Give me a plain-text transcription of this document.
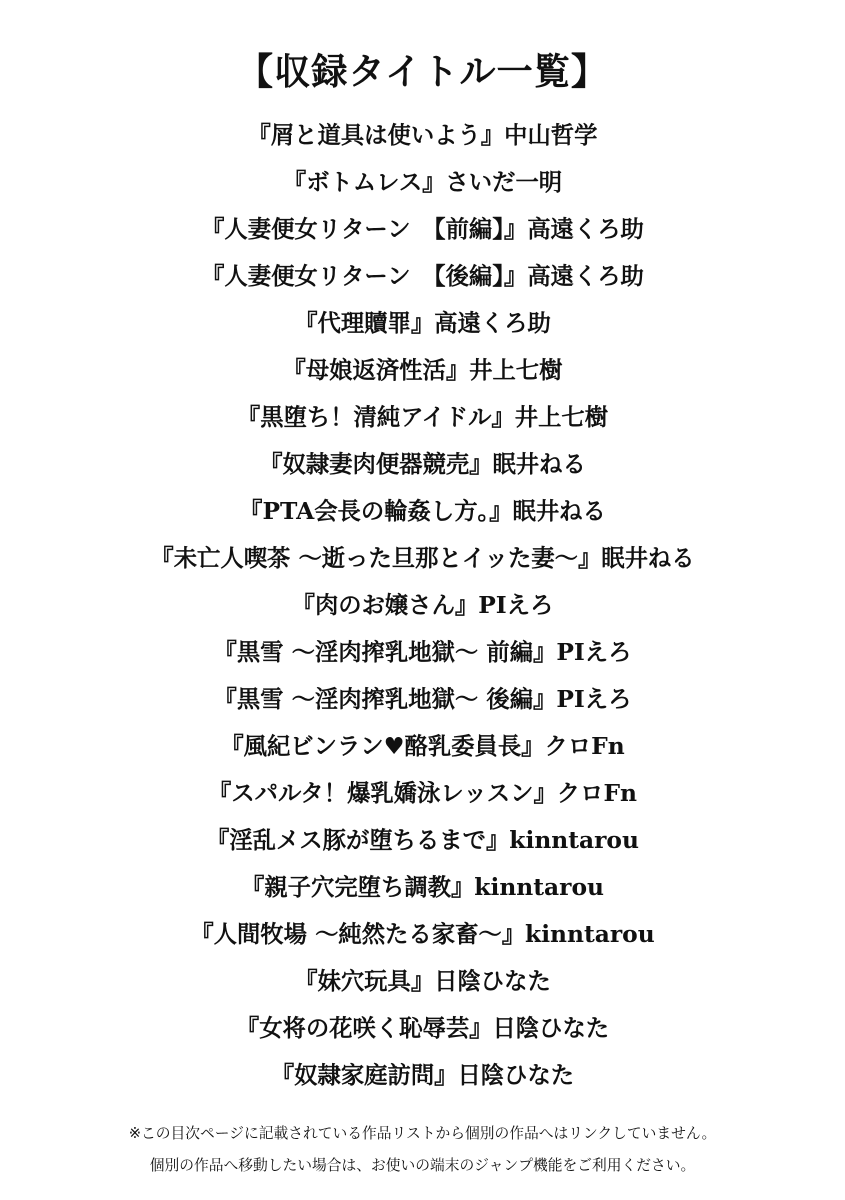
【収録タイトル一覧】
『屑と道具は使いよう』中山哲学
『ボトムレス』さいだ一明
『人妻便女リターン　【前編】』高遠くろ助
『人妻便女リターン　【後編】』高遠くろ助
『代理贖罪』高遠くろ助
『母娘返済性活』井上七樹
『黒堕ち！清純アイドル』井上七樹
『奴隷妻肉便器競売』眠井ねる
『PTA会長の輪姦し方。』眠井ねる
『未亡人喫茶 ～逝った旦那とイッた妻～』眠井ねる
『肉のお嬢さん』PIえろ
『黒雪 ～淫肉搾乳地獄～ 前編』PIえろ
『黒雪 ～淫肉搾乳地獄～ 後編』PIえろ
『風紀ビンラン♥酪乳委員長』クロFn
『スパルタ！爆乳嬌泳レッスン』クロFn
『淫乱メス豚が堕ちるまで』kinntarou
『親子穴完堕ち調教』kinntarou
『人間牧場 ～純然たる家畜～』kinntarou
『妹穴玩具』日陰ひなた
『女将の花咲く恥辱芸』日陰ひなた
『奴隷家庭訪問』日陰ひなた
※この目次ページに記載されている作品リストから個別の作品へはリンクしていません。
個別の作品へ移動したい場合は、お使いの端末のジャンプ機能をご利用ください。
